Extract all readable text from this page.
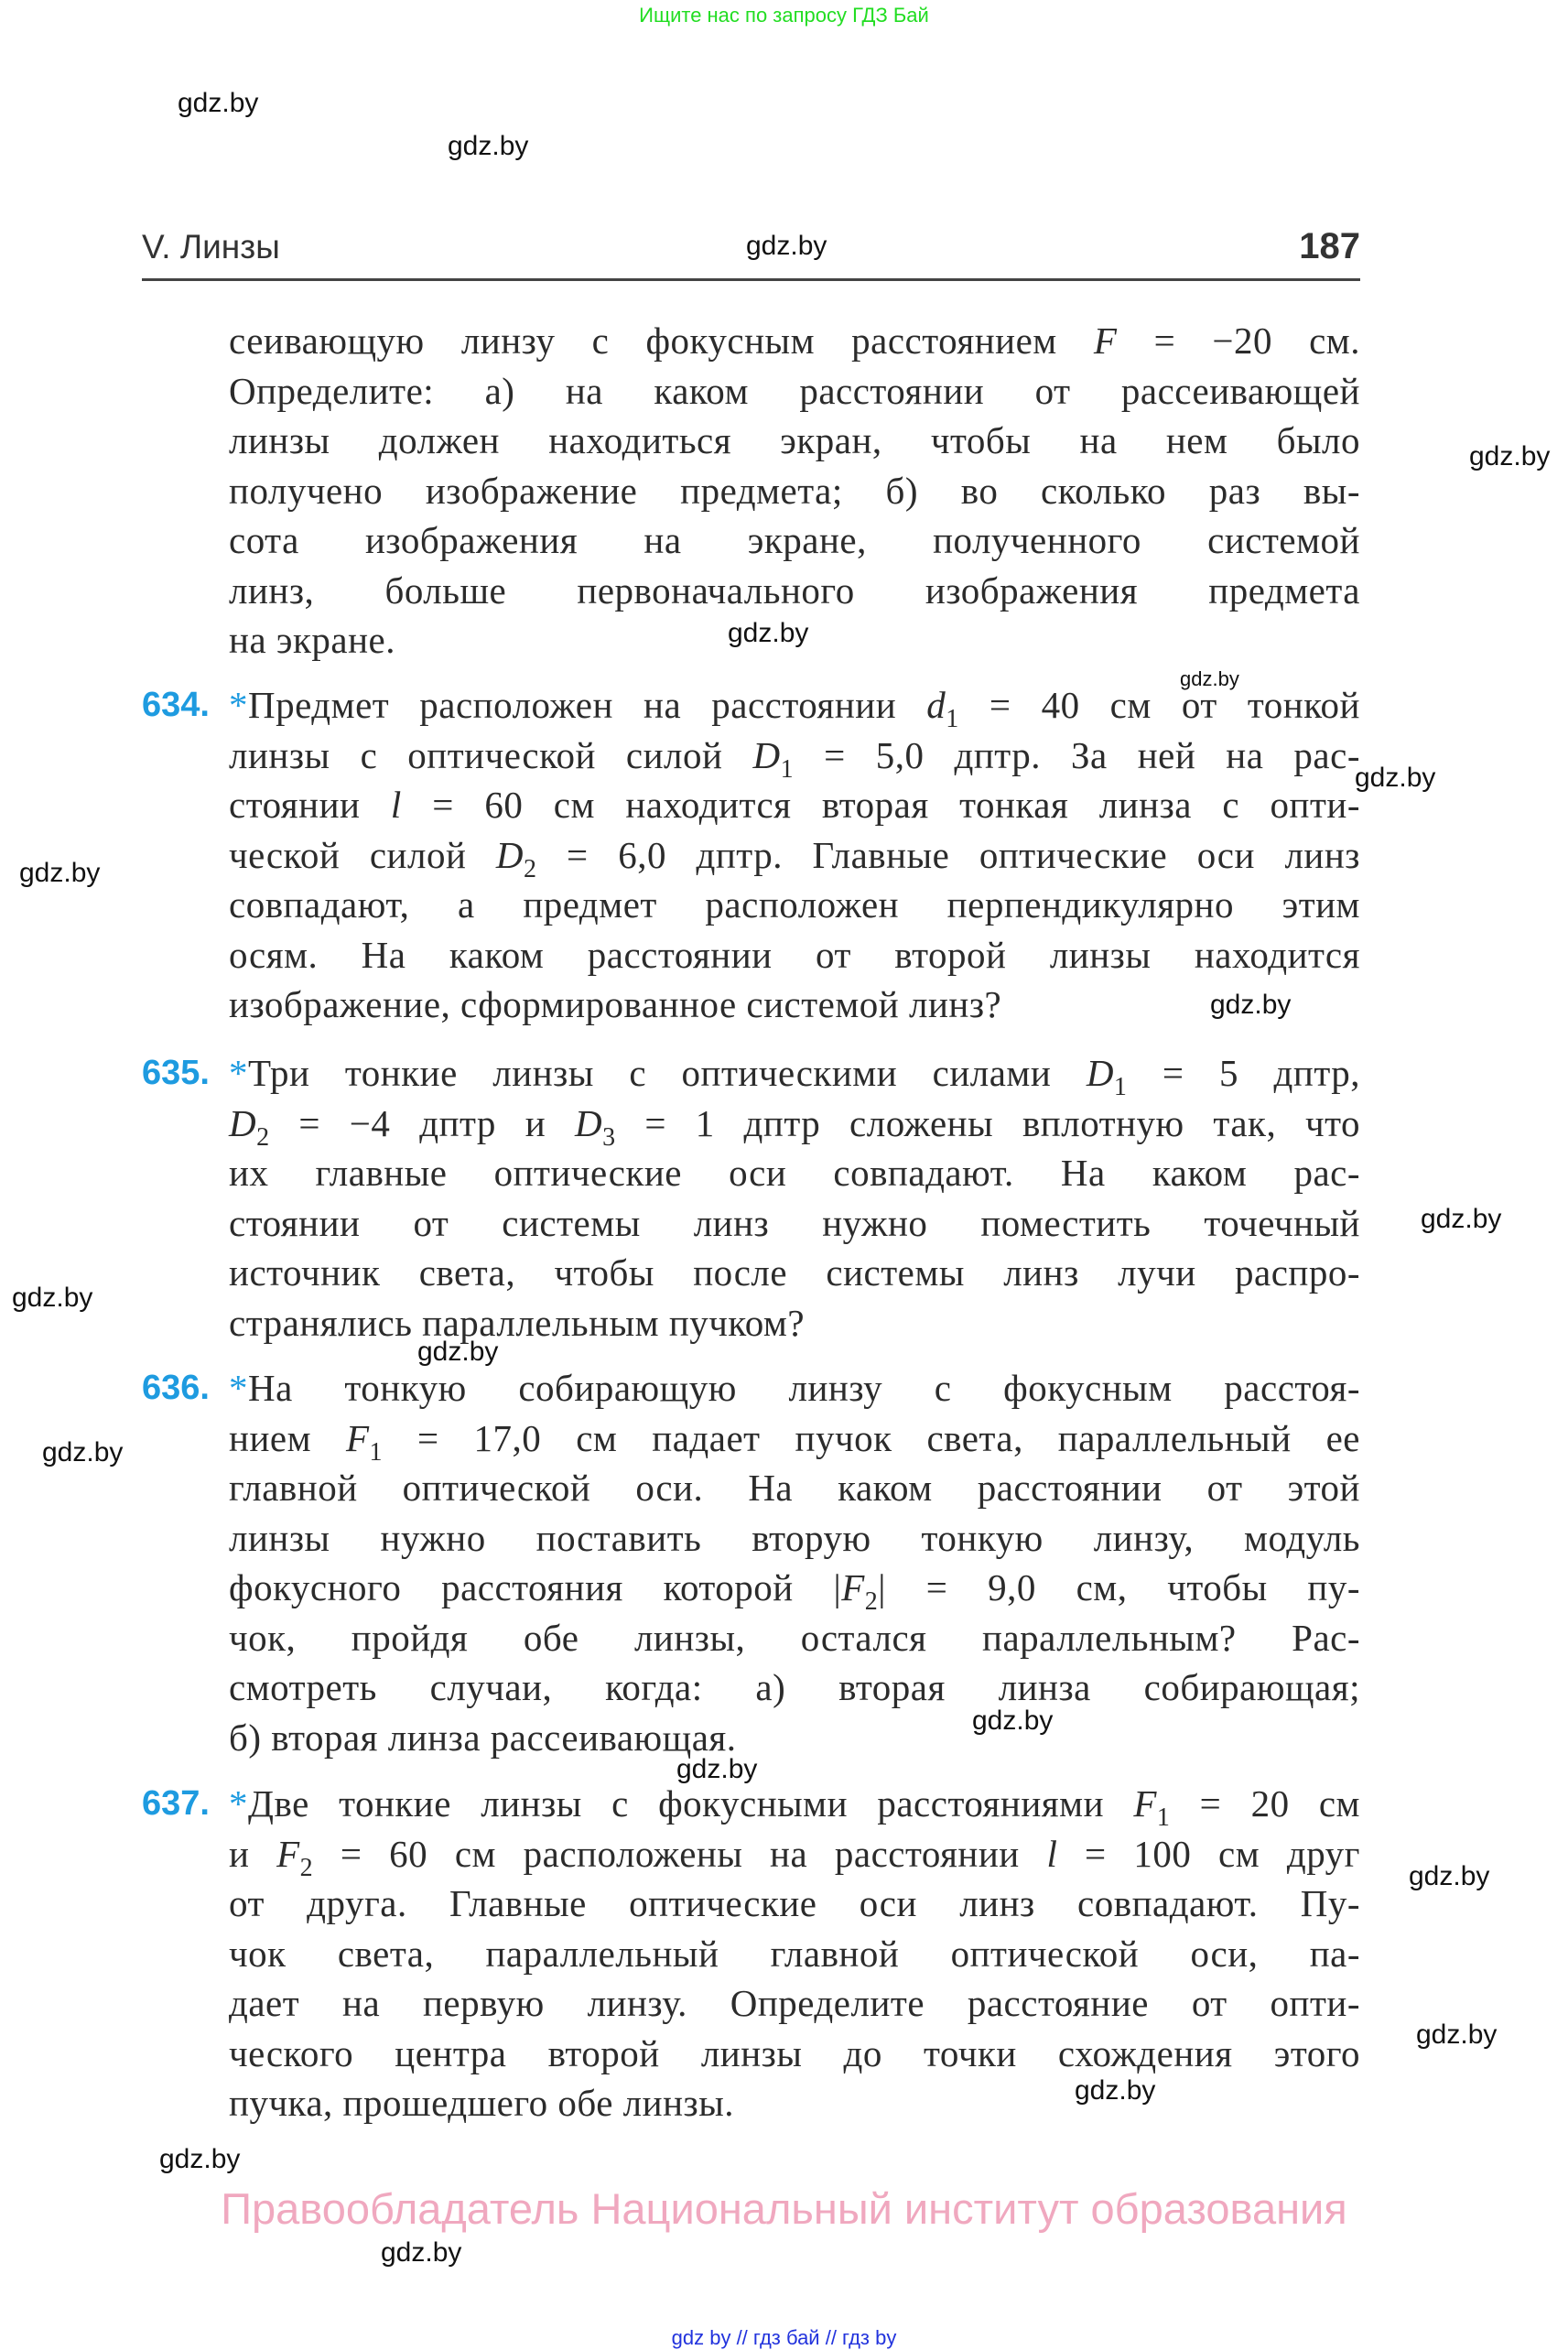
Ищите нас по запросу ГДЗ Бай
V. Линзы	187
сеивающую линзу с фокусным расстоянием F = −20 см.
Определите: а) на каком расстоянии от рассеивающей
линзы должен находиться экран, чтобы на нем было
получено изображение предмета; б) во сколько раз вы-
сота изображения на экране, полученного системой
линз, больше первоначального изображения предмета
на экране.
634. *Предмет расположен на расстоянии $d_1 = 40$ см от тонкой
линзы с оптической силой $D_1 = 5,0$ дптр. За ней на рас-
стоянии l = 60 см находится вторая тонкая линза с опти-
ческой силой $D_2 = 6,0$ дптр. Главные оптические оси линз
совпадают, а предмет расположен перпендикулярно этим
осям. На каком расстоянии от второй линзы находится
изображение, сформированное системой линз?
635. *Три тонкие линзы с оптическими силами $D_1 = 5$ дптр,
$D_2 = -4$ дптр и $D_3 = 1$ дптр сложены вплотную так, что
их главные оптические оси совпадают. На каком рас-
стоянии от системы линз нужно поместить точечный
источник света, чтобы после системы линз лучи распро-
странялись параллельным пучком?
636. *На тонкую собирающую линзу с фокусным расстоя-
нием $F_1 = 17,0$ см падает пучок света, параллельный ее
главной оптической оси. На каком расстоянии от этой
линзы нужно поставить вторую тонкую линзу, модуль
фокусного расстояния которой $|F_2| = 9,0$ см, чтобы пу-
чок, пройдя обе линзы, остался параллельным? Рас-
смотреть случаи, когда: а) вторая линза собирающая;
б) вторая линза рассеивающая.
637. *Две тонкие линзы с фокусными расстояниями $F_1 = 20$ см
и $F_2 = 60$ см расположены на расстоянии l = 100 см друг
от друга. Главные оптические оси линз совпадают. Пу-
чок света, параллельный главной оптической оси, па-
дает на первую линзу. Определите расстояние от опти-
ческого центра второй линзы до точки схождения этого
пучка, прошедшего обе линзы.
gdz.by
gdz.by
gdz.by
gdz.by
gdz.by
gdz.by
gdz.by
gdz.by
gdz.by
gdz.by
gdz.by
gdz.by
gdz.by
gdz.by
gdz.by
gdz.by
gdz.by
gdz.by
gdz.by
gdz.by
Правообладатель Национальный институт образования
gdz by // гдз бай // гдз by
